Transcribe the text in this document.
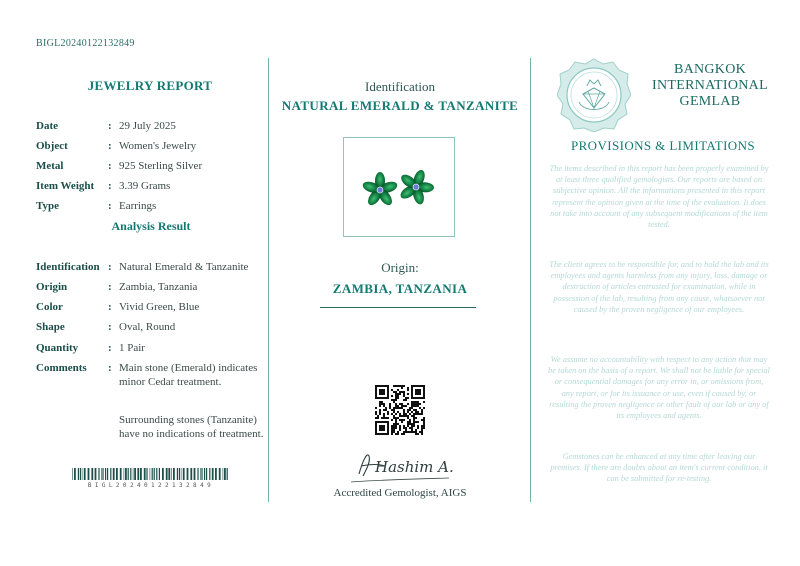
BIGL20240122132849
JEWELRY REPORT
Date	: 29 July 2025
Object	: Women's Jewelry
Metal	: 925 Sterling Silver
Item Weight	: 3.39 Grams
Type	: Earrings
Analysis Result
Identification : Natural Emerald & Tanzanite
Origin	: Zambia, Tanzania
Color	: Vivid Green, Blue
Shape	: Oval, Round
Quantity	: 1 Pair
Comments	: Main stone (Emerald) indicates minor Cedar treatment.
Surrounding stones (Tanzanite) have no indications of treatment.
BIGL20240122132849
Identification
NATURAL EMERALD & TANZANITE
Origin:
ZAMBIA, TANZANIA
Hashim A.
Accredited Gemologist, AIGS
BANGKOK
INTERNATIONAL
GEMLAB
PROVISIONS & LIMITATIONS
The items described in this report has been properly examined by at least three qualified gemologists. Our reports are based on subjective opinion. All the informations presented in this report represent the opinion given at the time of the evaluation. It does not take into account of any subsequent modifications of the item tested.
The client agrees to be responsible for, and to hold the lab and its employees and agents harmless from any injury, loss, damage or destruction of articles entrusted for examination, while in possession of the lab, resulting from any cause, whatsoever not caused by the proven negligence of our employees.
We assume no accountability with respect to any action that may be taken on the basis of a report. We shall not be liable for special or consequential damages for any error in, or omissions from, any report, or for its issuance or use, even if caused by, or resulting the proven negligence or other fault of our lab or any of its employees and agents.
Gemstones can be enhanced at any time after leaving our premises. If there are doubts about an item's current condition, it can be submitted for re-testing.
